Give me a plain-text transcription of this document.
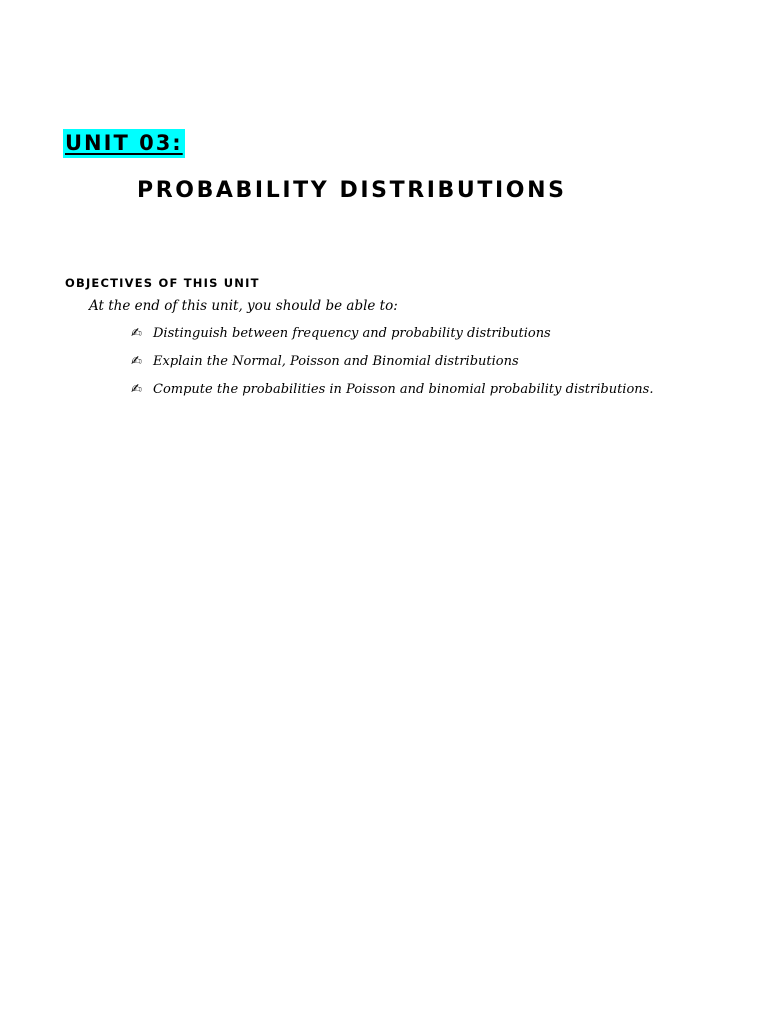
UNIT 03:
PROBABILITY DISTRIBUTIONS
OBJECTIVES OF THIS UNIT
At the end of this unit, you should be able to:
✍ Distinguish between frequency and probability distributions
✍ Explain the Normal, Poisson and Binomial distributions
✍ Compute the probabilities in Poisson and binomial probability distributions.
